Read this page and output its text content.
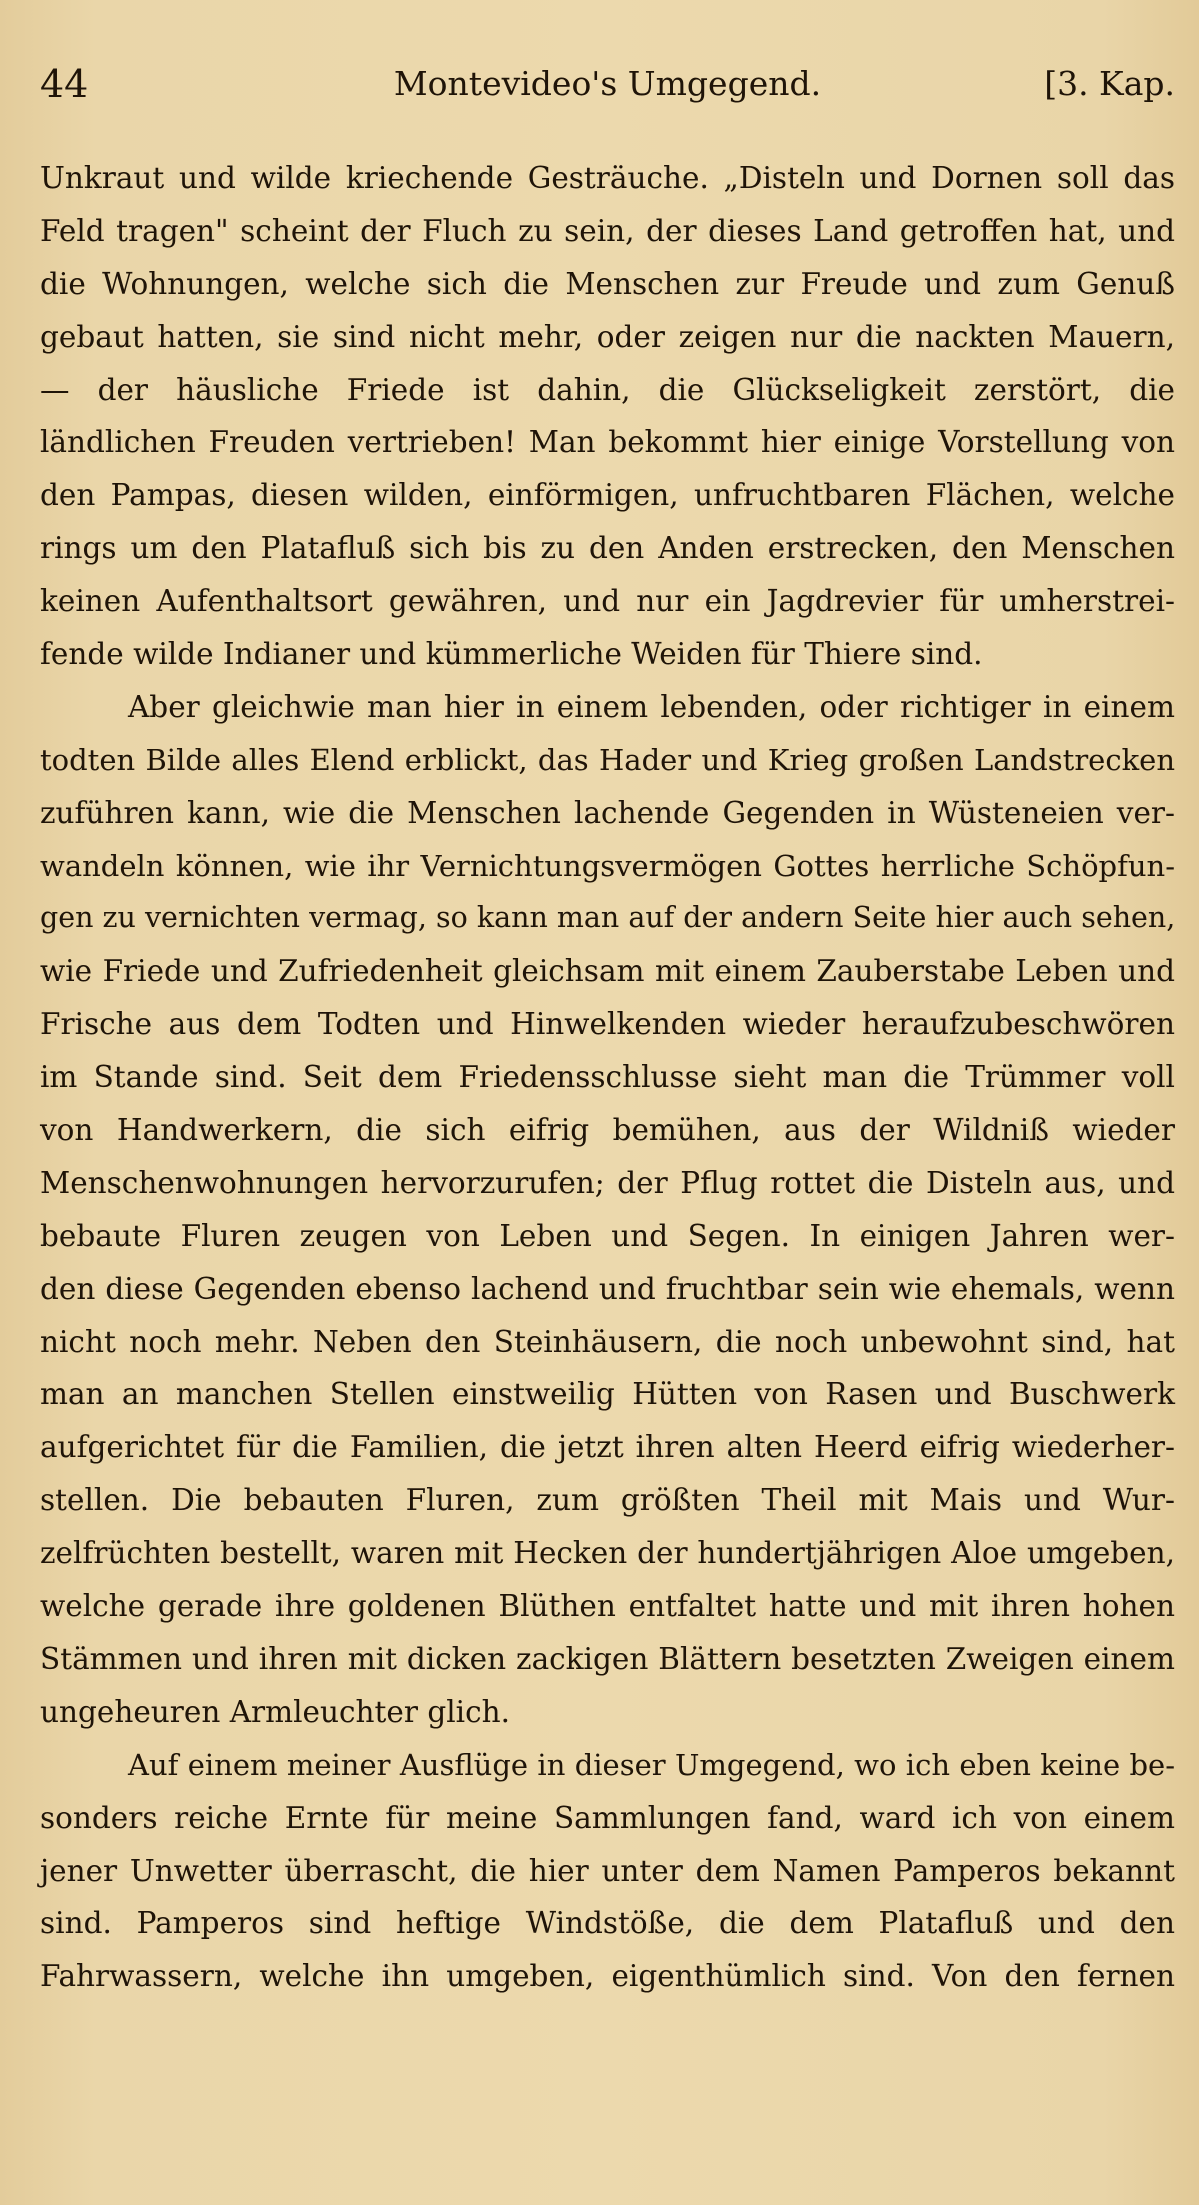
44	Montevideo's Umgegend.	[3. Kap.
Unkraut und wilde kriechende Gesträuche. „Disteln und Dornen soll das
Feld tragen" scheint der Fluch zu sein, der dieses Land getroffen hat, und
die Wohnungen, welche sich die Menschen zur Freude und zum Genuß
gebaut hatten, sie sind nicht mehr, oder zeigen nur die nackten Mauern,
— der häusliche Friede ist dahin, die Glückseligkeit zerstört, die
ländlichen Freuden vertrieben! Man bekommt hier einige Vorstellung von
den Pampas, diesen wilden, einförmigen, unfruchtbaren Flächen, welche
rings um den Platafluß sich bis zu den Anden erstrecken, den Menschen
keinen Aufenthaltsort gewähren, und nur ein Jagdrevier für umherstrei-
fende wilde Indianer und kümmerliche Weiden für Thiere sind.
Aber gleichwie man hier in einem lebenden, oder richtiger in einem
todten Bilde alles Elend erblickt, das Hader und Krieg großen Landstrecken
zuführen kann, wie die Menschen lachende Gegenden in Wüsteneien ver-
wandeln können, wie ihr Vernichtungsvermögen Gottes herrliche Schöpfun-
gen zu vernichten vermag, so kann man auf der andern Seite hier auch sehen,
wie Friede und Zufriedenheit gleichsam mit einem Zauberstabe Leben und
Frische aus dem Todten und Hinwelkenden wieder heraufzubeschwören
im Stande sind. Seit dem Friedensschlusse sieht man die Trümmer voll
von Handwerkern, die sich eifrig bemühen, aus der Wildniß wieder
Menschenwohnungen hervorzurufen; der Pflug rottet die Disteln aus, und
bebaute Fluren zeugen von Leben und Segen. In einigen Jahren wer-
den diese Gegenden ebenso lachend und fruchtbar sein wie ehemals, wenn
nicht noch mehr. Neben den Steinhäusern, die noch unbewohnt sind, hat
man an manchen Stellen einstweilig Hütten von Rasen und Buschwerk
aufgerichtet für die Familien, die jetzt ihren alten Heerd eifrig wiederher-
stellen. Die bebauten Fluren, zum größten Theil mit Mais und Wur-
zelfrüchten bestellt, waren mit Hecken der hundertjährigen Aloe umgeben,
welche gerade ihre goldenen Blüthen entfaltet hatte und mit ihren hohen
Stämmen und ihren mit dicken zackigen Blättern besetzten Zweigen einem
ungeheuren Armleuchter glich.
Auf einem meiner Ausflüge in dieser Umgegend, wo ich eben keine be-
sonders reiche Ernte für meine Sammlungen fand, ward ich von einem
jener Unwetter überrascht, die hier unter dem Namen Pamperos bekannt
sind. Pamperos sind heftige Windstöße, die dem Platafluß und den
Fahrwassern, welche ihn umgeben, eigenthümlich sind. Von den fernen
